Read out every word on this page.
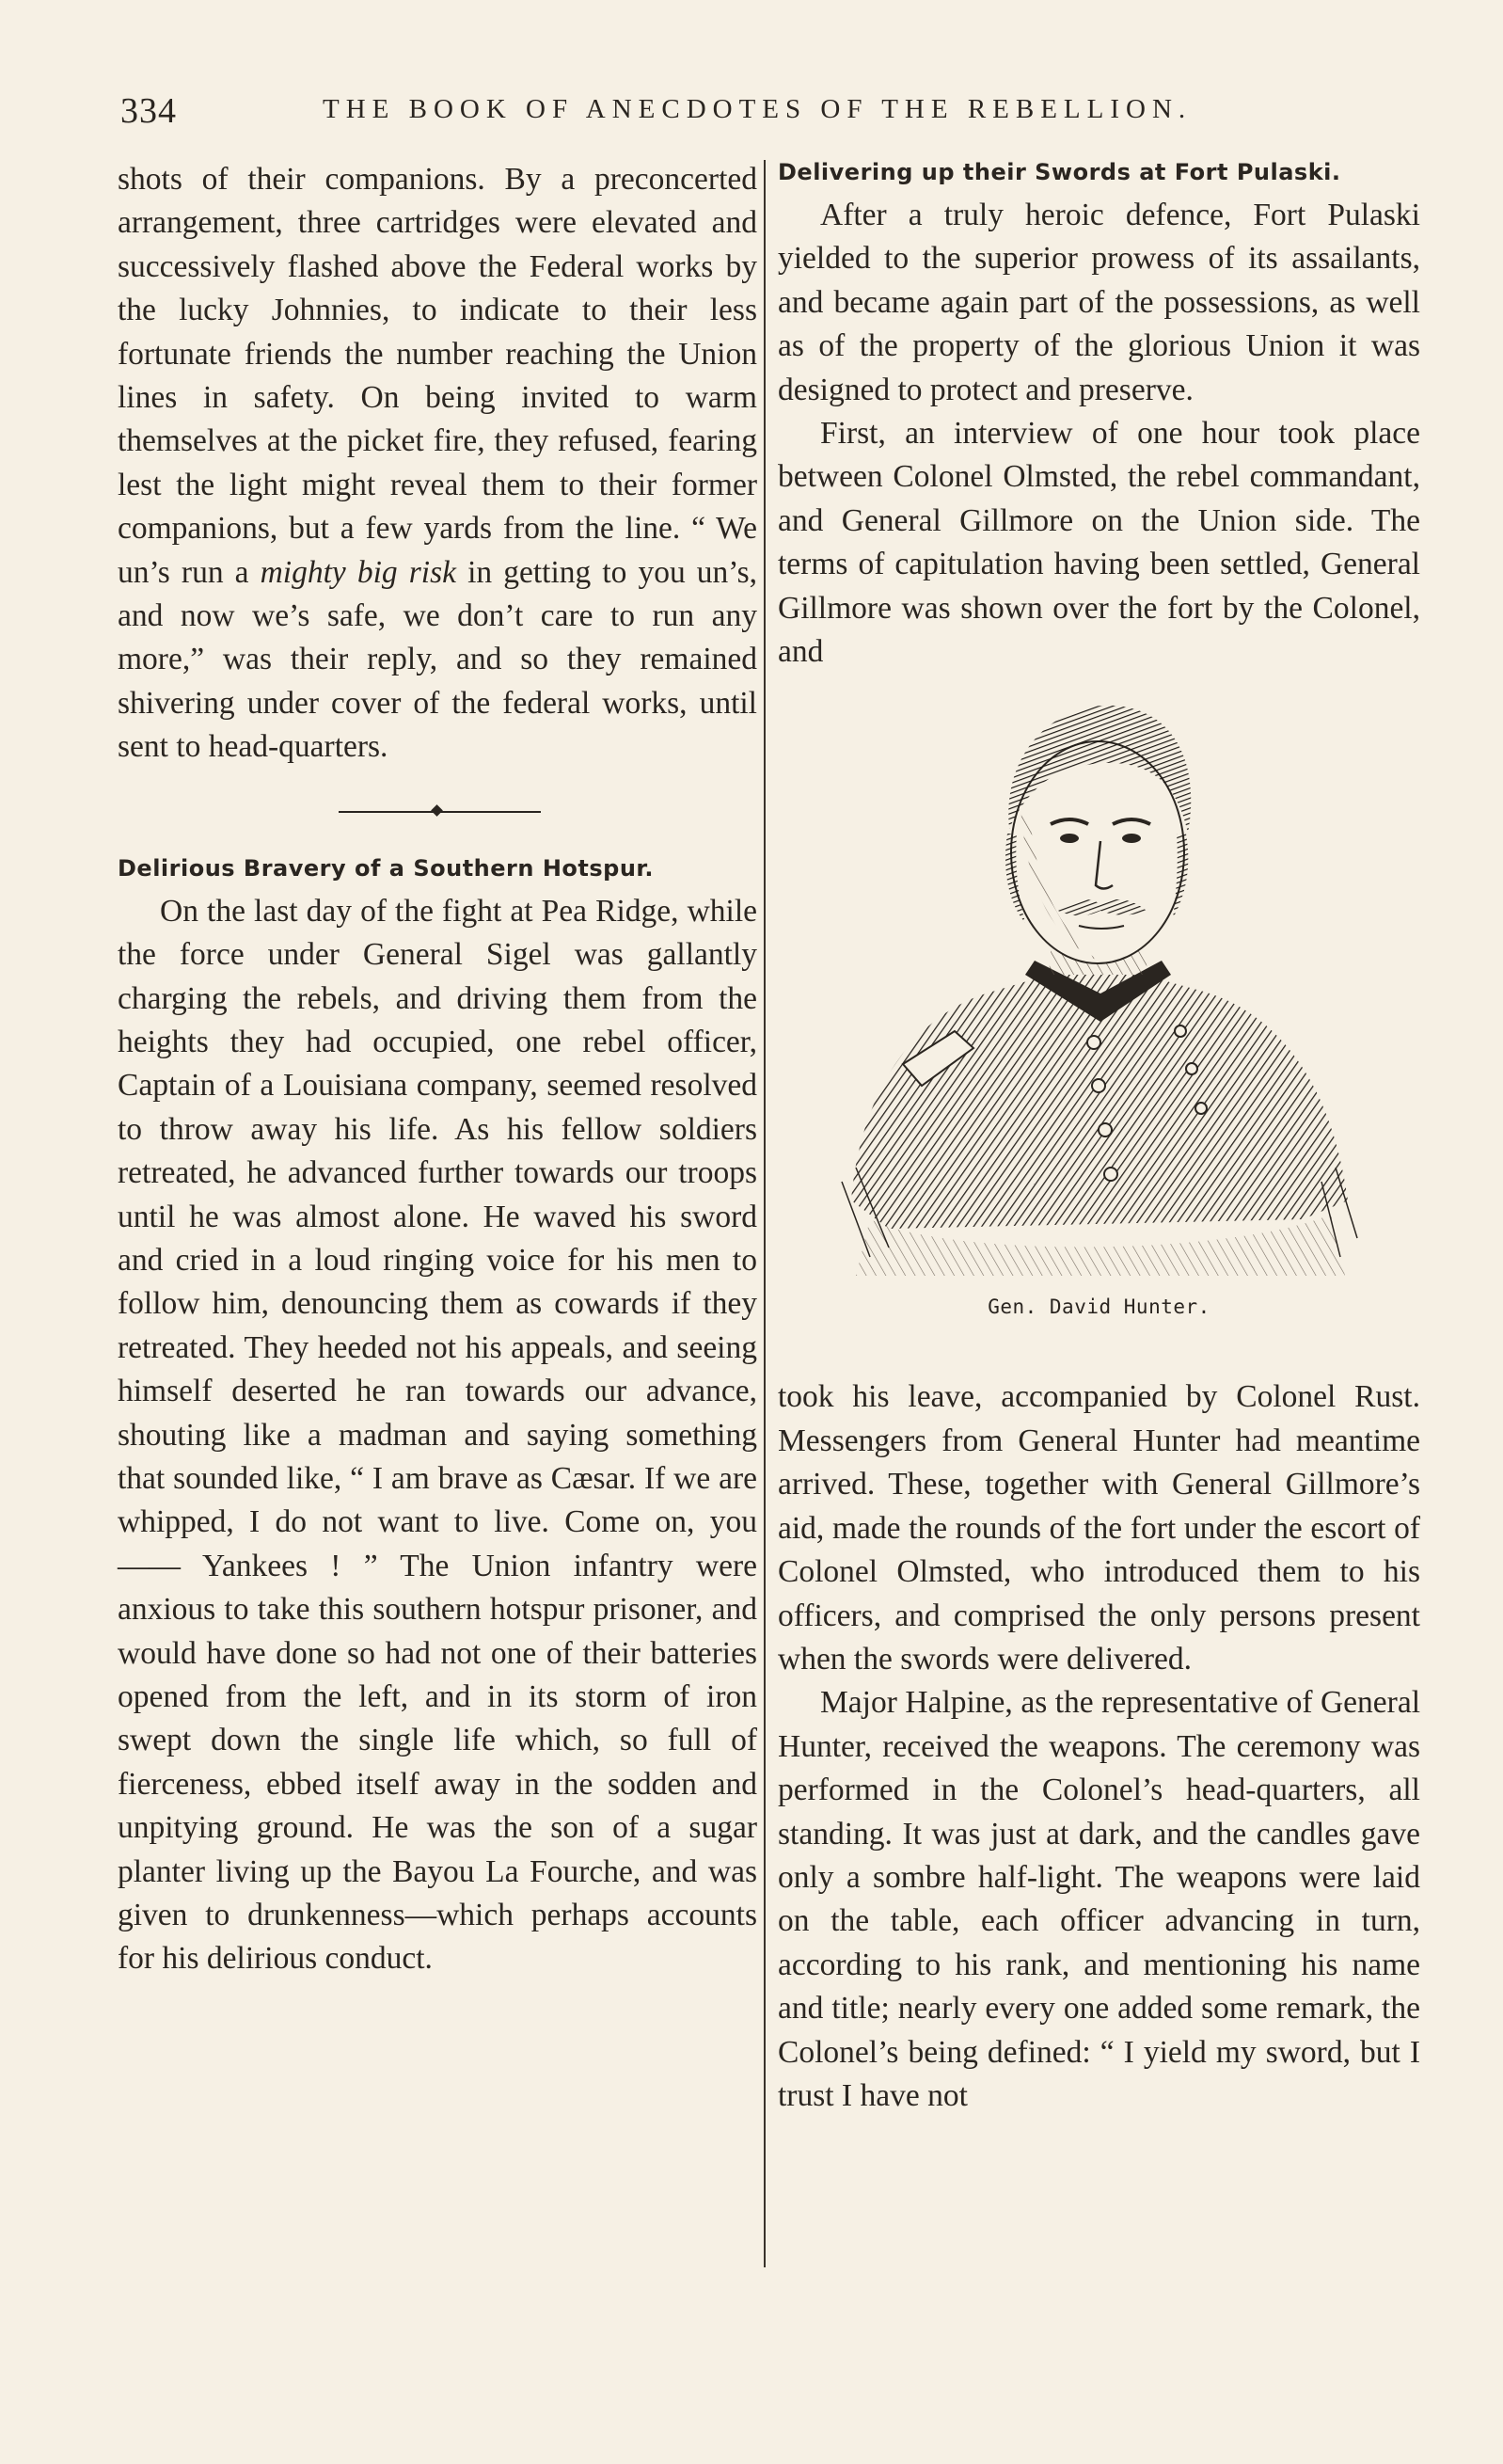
334	THE BOOK OF ANECDOTES OF THE REBELLION.

shots of their companions. By a preconcerted arrangement, three cartridges were elevated and successively flashed above the Federal works by the lucky Johnnies, to indicate to their less fortunate friends the number reaching the Union lines in safety. On being invited to warm themselves at the picket fire, they refused, fearing lest the light might reveal them to their former companions, but a few yards from the line. “ We un’s run a mighty big risk in getting to you un’s, and now we’s safe, we don’t care to run any more,” was their reply, and so they remained shivering under cover of the federal works, until sent to head-quarters.

Delirious Bravery of a Southern Hotspur.

On the last day of the fight at Pea Ridge, while the force under General Sigel was gallantly charging the rebels, and driving them from the heights they had occupied, one rebel officer, Captain of a Louisiana company, seemed resolved to throw away his life. As his fellow soldiers retreated, he advanced further towards our troops until he was almost alone. He waved his sword and cried in a loud ringing voice for his men to follow him, denouncing them as cowards if they retreated. They heeded not his appeals, and seeing himself deserted he ran towards our advance, shouting like a madman and saying something that sounded like, “ I am brave as Cæsar. If we are whipped, I do not want to live. Come on, you —— Yankees ! ” The Union infantry were anxious to take this southern hotspur prisoner, and would have done so had not one of their batteries opened from the left, and in its storm of iron swept down the single life which, so full of fierceness, ebbed itself away in the sodden and unpitying ground. He was the son of a sugar planter living up the Bayou La Fourche, and was given to drunkenness—which perhaps accounts for his delirious conduct.

Delivering up their Swords at Fort Pulaski.

After a truly heroic defence, Fort Pulaski yielded to the superior prowess of its assailants, and became again part of the possessions, as well as of the property of the glorious Union it was designed to protect and preserve.

First, an interview of one hour took place between Colonel Olmsted, the rebel commandant, and General Gillmore on the Union side. The terms of capitulation having been settled, General Gillmore was shown over the fort by the Colonel, and

Gen. David Hunter.

took his leave, accompanied by Colonel Rust. Messengers from General Hunter had meantime arrived. These, together with General Gillmore’s aid, made the rounds of the fort under the escort of Colonel Olmsted, who introduced them to his officers, and comprised the only persons present when the swords were delivered.

Major Halpine, as the representative of General Hunter, received the weapons. The ceremony was performed in the Colonel’s head-quarters, all standing. It was just at dark, and the candles gave only a sombre half-light. The weapons were laid on the table, each officer advancing in turn, according to his rank, and mentioning his name and title; nearly every one added some remark, the Colonel’s being defined: “ I yield my sword, but I trust I have not
